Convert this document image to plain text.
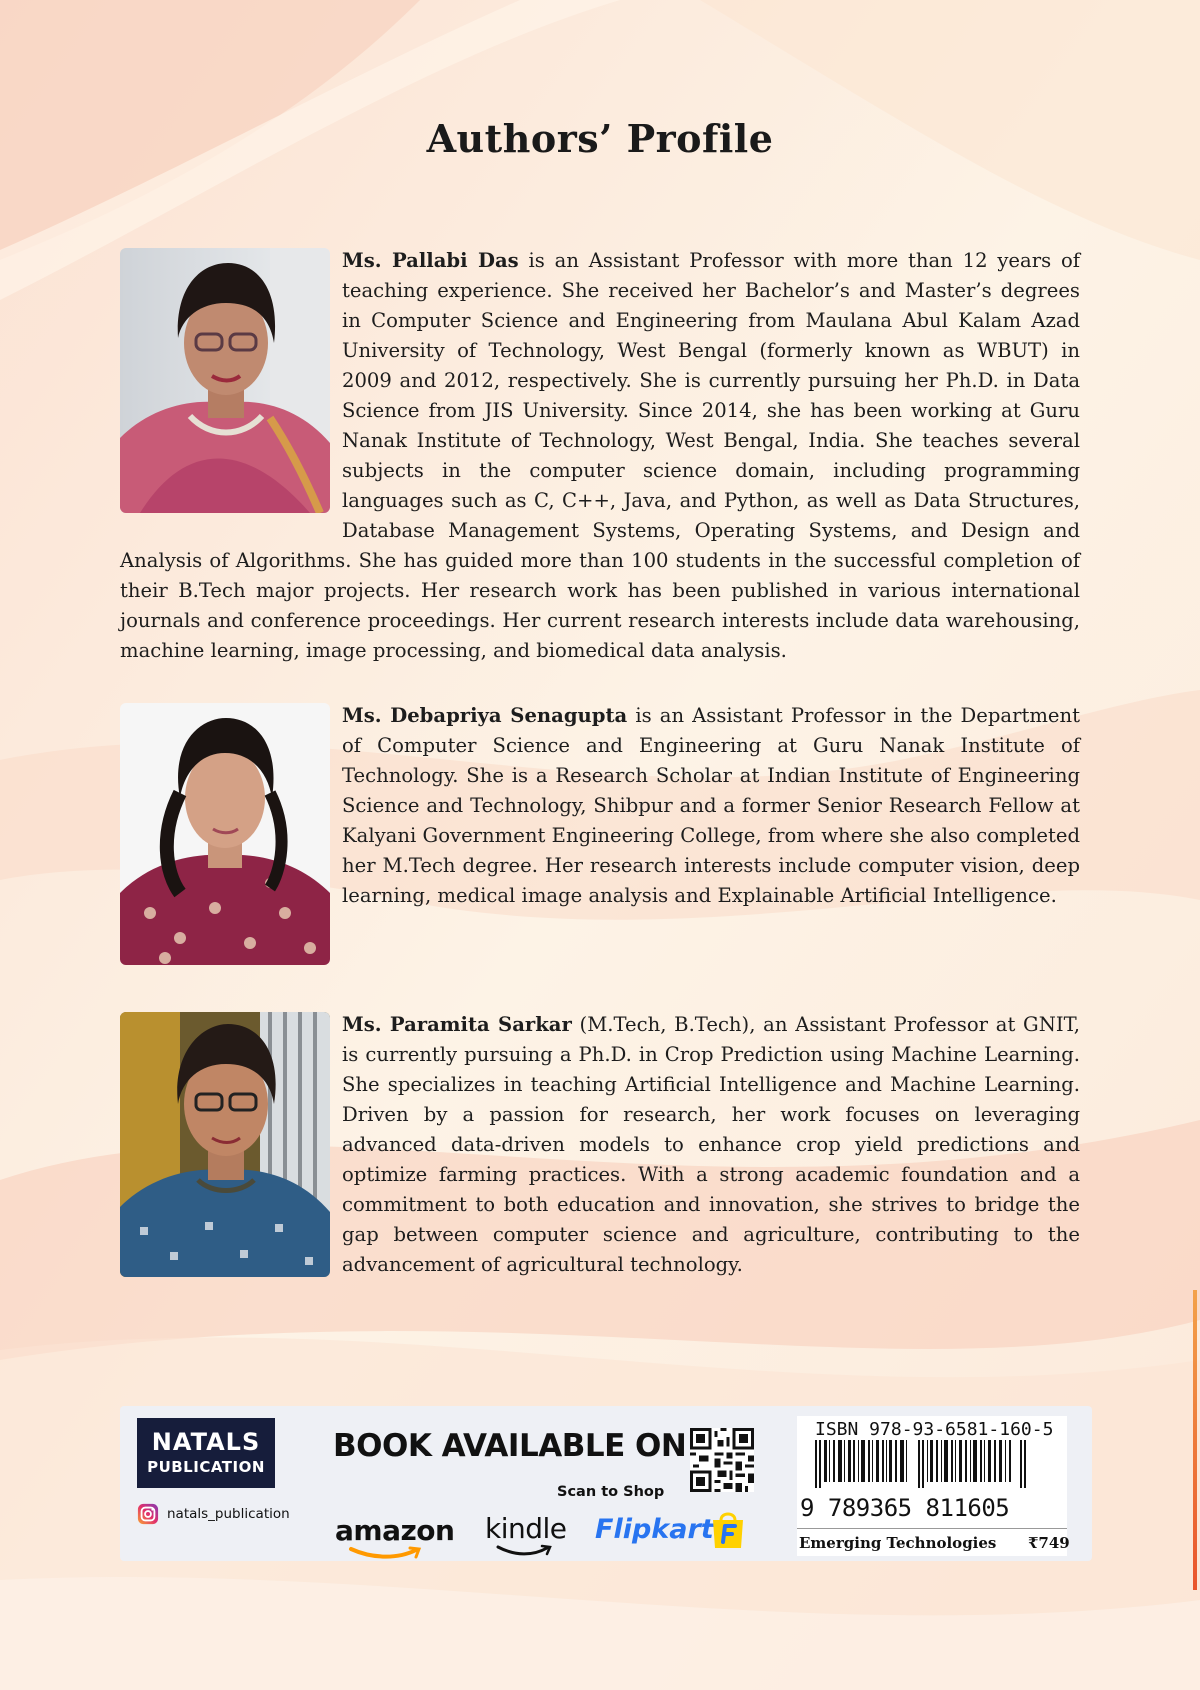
Authors’ Profile

Ms. Pallabi Das is an Assistant Professor with more than 12 years of teaching experience. She received her Bachelor’s and Master’s degrees in Computer Science and Engineering from Maulana Abul Kalam Azad University of Technology, West Bengal (formerly known as WBUT) in 2009 and 2012, respectively. She is currently pursuing her Ph.D. in Data Science from JIS University. Since 2014, she has been working at Guru Nanak Institute of Technology, West Bengal, India. She teaches several subjects in the computer science domain, including programming languages such as C, C++, Java, and Python, as well as Data Structures, Database Management Systems, Operating Systems, and Design and Analysis of Algorithms. She has guided more than 100 students in the successful completion of their B.Tech major projects. Her research work has been published in various international journals and conference proceedings. Her current research interests include data warehousing, machine learning, image processing, and biomedical data analysis.

Ms. Debapriya Senagupta is an Assistant Professor in the Department of Computer Science and Engineering at Guru Nanak Institute of Technology. She is a Research Scholar at Indian Institute of Engineering Science and Technology, Shibpur and a former Senior Research Fellow at Kalyani Government Engineering College, from where she also completed her M.Tech degree. Her research interests include computer vision, deep learning, medical image analysis and Explainable Artificial Intelligence.

Ms. Paramita Sarkar (M.Tech, B.Tech), an Assistant Professor at GNIT, is currently pursuing a Ph.D. in Crop Prediction using Machine Learning. She specializes in teaching Artificial Intelligence and Machine Learning. Driven by a passion for research, her work focuses on leveraging advanced data-driven models to enhance crop yield predictions and optimize farming practices. With a strong academic foundation and a commitment to both education and innovation, she strives to bridge the gap between computer science and agriculture, contributing to the advancement of agricultural technology.

NATALS
PUBLICATION
natals_publication
BOOK AVAILABLE ON
Scan to Shop
amazon kindle Flipkart
ISBN 978-93-6581-160-5
9 789365 811605
Emerging Technologies ₹749
